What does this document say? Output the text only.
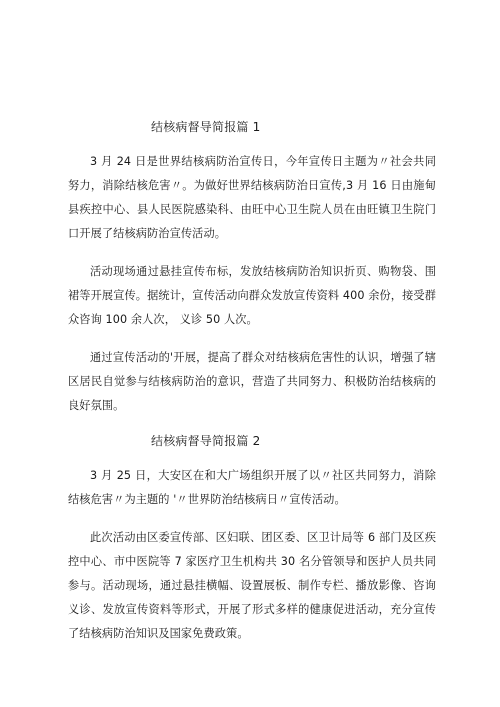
结核病督导简报篇 1

3 月 24 日是世界结核病防治宣传日，今年宣传日主题为〃社会共同努力，消除结核危害〃。为做好世界结核病防治日宣传,3 月 16 日由施甸县疾控中心、县人民医院感染科、由旺中心卫生院人员在由旺镇卫生院门口开展了结核病防治宣传活动。

活动现场通过悬挂宣传布标，发放结核病防治知识折页、购物袋、围裙等开展宣传。据统计，宣传活动向群众发放宣传资料 400 余份，接受群众咨询 100 余人次， 义诊 50 人次。

通过宣传活动的'开展，提高了群众对结核病危害性的认识，增强了辖区居民自觉参与结核病防治的意识，营造了共同努力、积极防治结核病的良好氛围。

结核病督导简报篇 2

3 月 25 日，大安区在和大广场组织开展了以〃社区共同努力，消除结核危害〃为主题的 '〃世界防治结核病日〃宣传活动。

此次活动由区委宣传部、区妇联、团区委、区卫计局等 6 部门及区疾控中心、市中医院等 7 家医疗卫生机构共 30 名分管领导和医护人员共同参与。活动现场，通过悬挂横幅、设置展板、制作专栏、播放影像、咨询义诊、发放宣传资料等形式，开展了形式多样的健康促进活动，充分宣传了结核病防治知识及国家免费政策。
